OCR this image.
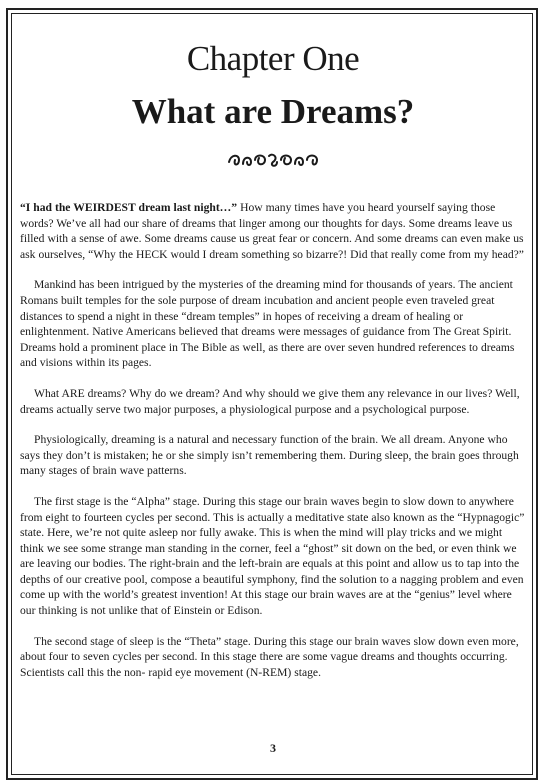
Chapter One
What are Dreams?

“I had the WEIRDEST dream last night…” How many times have you heard yourself saying those words? We’ve all had our share of dreams that linger among our thoughts for days. Some dreams leave us filled with a sense of awe. Some dreams cause us great fear or concern. And some dreams can even make us ask ourselves, “Why the HECK would I dream something so bizarre?! Did that really come from my head?”

Mankind has been intrigued by the mysteries of the dreaming mind for thousands of years. The ancient Romans built temples for the sole purpose of dream incubation and ancient people even traveled great distances to spend a night in these “dream temples” in hopes of receiving a dream of healing or enlightenment. Native Americans believed that dreams were messages of guidance from The Great Spirit. Dreams hold a prominent place in The Bible as well, as there are over seven hundred references to dreams and visions within its pages.

What ARE dreams? Why do we dream? And why should we give them any relevance in our lives? Well, dreams actually serve two major purposes, a physiological purpose and a psychological purpose.

Physiologically, dreaming is a natural and necessary function of the brain. We all dream. Anyone who says they don’t is mistaken; he or she simply isn’t remembering them. During sleep, the brain goes through many stages of brain wave patterns.

The first stage is the “Alpha” stage. During this stage our brain waves begin to slow down to anywhere from eight to fourteen cycles per second. This is actually a meditative state also known as the “Hypnagogic” state. Here, we’re not quite asleep nor fully awake. This is when the mind will play tricks and we might think we see some strange man standing in the corner, feel a “ghost” sit down on the bed, or even think we are leaving our bodies. The right-brain and the left-brain are equals at this point and allow us to tap into the depths of our creative pool, compose a beautiful symphony, find the solution to a nagging problem and even come up with the world’s greatest invention! At this stage our brain waves are at the “genius” level where our thinking is not unlike that of Einstein or Edison.

The second stage of sleep is the “Theta” stage. During this stage our brain waves slow down even more, about four to seven cycles per second. In this stage there are some vague dreams and thoughts occurring. Scientists call this the non- rapid eye movement (N-REM) stage.

3
